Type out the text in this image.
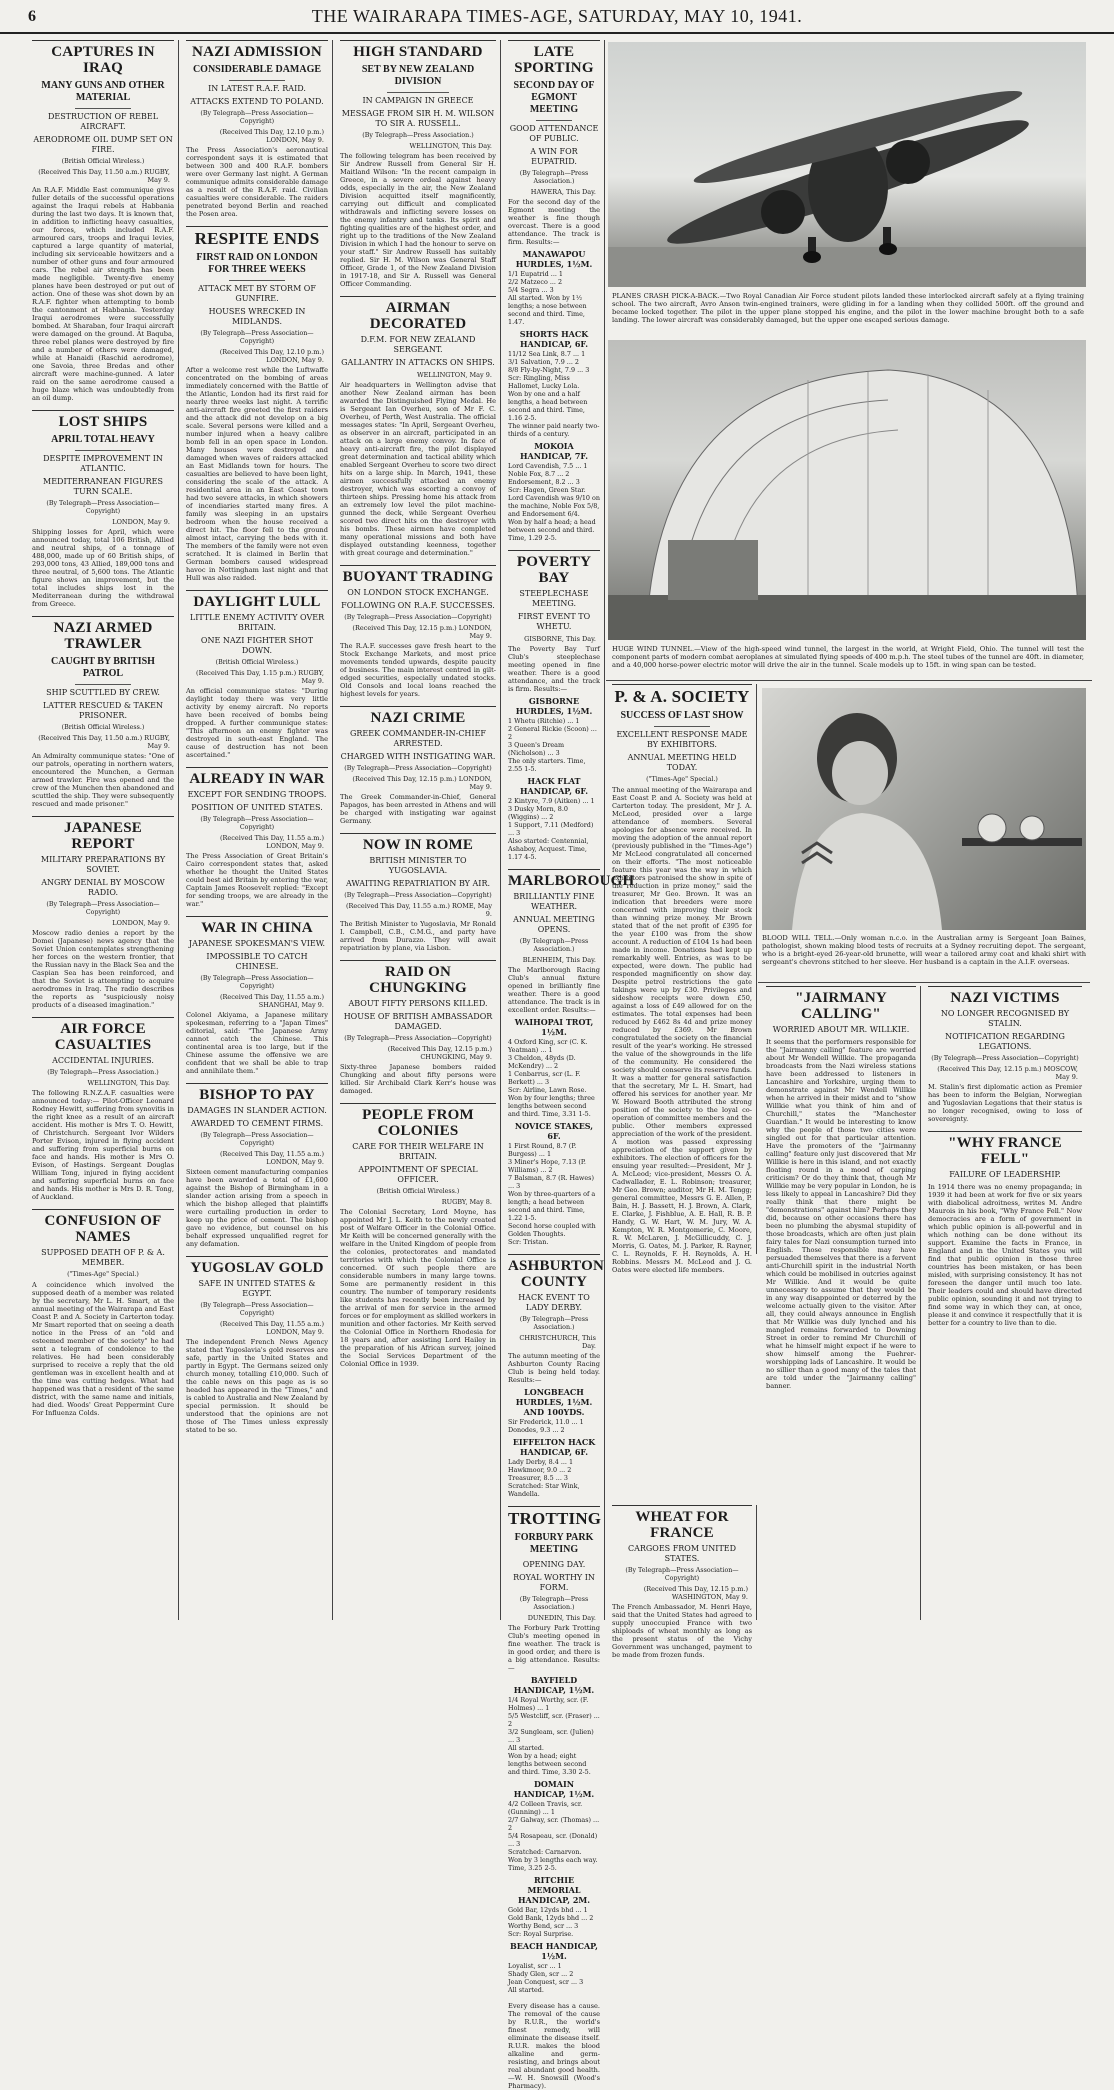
6	THE WAIRARAPA TIMES-AGE, SATURDAY, MAY 10, 1941.
CAPTURES IN IRAQ
MANY GUNS AND OTHER MATERIAL
DESTRUCTION OF REBEL AIRCRAFT.
AERODROME OIL DUMP SET ON FIRE.
(British Official Wireless.)
(Received This Day, 11.50 a.m.) RUGBY, May 9.

An R.A.F. Middle East communique gives fuller details of the successful operations against the Iraqui rebels at Habbania during the last two days. It is known that, in addition to inflicting heavy casualties, our forces, which included R.A.F. armoured cars, troops and Iraqui levies, captured a large quantity of material, including six serviceable howitzers and a number of other guns and four armoured cars. The rebel air strength has been made negligible. Twenty-five enemy planes have been destroyed or put out of action. One of these was shot down by an R.A.F. fighter when attempting to bomb the cantonment at Habbania. Yesterday Iraqui aerodromes were successfully bombed. At Sharaban, four Iraqui aircraft were damaged on the ground. At Baquba, three rebel planes were destroyed by fire and a number of others were damaged, while at Hanaidi (Raschid aerodrome), one Savoia, three Bredas and other aircraft were machine-gunned. A later raid on the same aerodrome caused a huge blaze which was undoubtedly from an oil dump.

LOST SHIPS
APRIL TOTAL HEAVY
DESPITE IMPROVEMENT IN ATLANTIC.
MEDITERRANEAN FIGURES TURN SCALE.
(By Telegraph—Press Association—Copyright)
LONDON, May 9.

Shipping losses for April, which were announced today, total 106 British, Allied and neutral ships, of a tonnage of 488,000, made up of 60 British ships, of 293,000 tons, 43 Allied, 189,000 tons and three neutral, of 5,600 tons. The Atlantic figure shows an improvement, but the total includes ships lost in the Mediterranean during the withdrawal from Greece.

NAZI ARMED TRAWLER
CAUGHT BY BRITISH PATROL
SHIP SCUTTLED BY CREW.
LATTER RESCUED & TAKEN PRISONER.
(British Official Wireless.)
(Received This Day, 11.50 a.m.) RUGBY, May 9.

An Admiralty communique states: "One of our patrols, operating in northern waters, encountered the Munchen, a German armed trawler. Fire was opened and the crew of the Munchen then abandoned and scuttled the ship. They were subsequently rescued and made prisoner."

JAPANESE REPORT
MILITARY PREPARATIONS BY SOVIET.
ANGRY DENIAL BY MOSCOW RADIO.
(By Telegraph—Press Association—Copyright)
LONDON, May 9.

Moscow radio denies a report by the Domei (Japanese) news agency that the Soviet Union contemplates strengthening her forces on the western frontier, that the Russian navy in the Black Sea and the Caspian Sea has been reinforced, and that the Soviet is attempting to acquire aerodromes in Iraq. The radio describes the reports as "suspiciously noisy products of a diseased imagination."

AIR FORCE CASUALTIES
ACCIDENTAL INJURIES.
(By Telegraph—Press Association.)
WELLINGTON, This Day.

The following R.N.Z.A.F. casualties were announced today:— Pilot-Officer Leonard Rodney Hewitt, suffering from synovitis in the right knee as a result of an aircraft accident. His mother is Mrs T. O. Hewitt, of Christchurch. Sergeant Ivor Wilders Porter Evison, injured in flying accident and suffering from superficial burns on face and hands. His mother is Mrs O. Evison, of Hastings. Sergeant Douglas William Tong, injured in flying accident and suffering superficial burns on face and hands. His mother is Mrs D. R. Tong, of Auckland.

CONFUSION OF NAMES
SUPPOSED DEATH OF P. & A. MEMBER.
("Times-Age" Special.)

A coincidence which involved the supposed death of a member was related by the secretary, Mr L. H. Smart, at the annual meeting of the Wairarapa and East Coast P. and A. Society in Carterton today. Mr Smart reported that on seeing a death notice in the Press of an "old and esteemed member of the society" he had sent a telegram of condolence to the relatives. He had been considerably surprised to receive a reply that the old gentleman was in excellent health and at the time was cutting hedges. What had happened was that a resident of the same district, with the same name and initials, had died. Woods' Great Peppermint Cure For Influenza Colds.

NAZI ADMISSION
CONSIDERABLE DAMAGE
IN LATEST R.A.F. RAID.
ATTACKS EXTEND TO POLAND.
(By Telegraph—Press Association—Copyright)
(Received This Day, 12.10 p.m.) LONDON, May 9.

The Press Association's aeronautical correspondent says it is estimated that between 300 and 400 R.A.F. bombers were over Germany last night. A German communique admits considerable damage as a result of the R.A.F. raid. Civilian casualties were considerable. The raiders penetrated beyond Berlin and reached the Posen area.

RESPITE ENDS
FIRST RAID ON LONDON FOR THREE WEEKS
ATTACK MET BY STORM OF GUNFIRE.
HOUSES WRECKED IN MIDLANDS.
(By Telegraph—Press Association—Copyright)
(Received This Day, 12.10 p.m.) LONDON, May 9.

After a welcome rest while the Luftwaffe concentrated on the bombing of areas immediately concerned with the Battle of the Atlantic, London had its first raid for nearly three weeks last night. A terrific anti-aircraft fire greeted the first raiders and the attack did not develop on a big scale. Several persons were killed and a number injured when a heavy calibre bomb fell in an open space in London. Many houses were destroyed and damaged when waves of raiders attacked an East Midlands town for hours. The casualties are believed to have been light, considering the scale of the attack. A residential area in an East Coast town had two severe attacks, in which showers of incendiaries started many fires. A family was sleeping in an upstairs bedroom when the house received a direct hit. The floor fell to the ground almost intact, carrying the beds with it. The members of the family were not even scratched. It is claimed in Berlin that German bombers caused widespread havoc in Nottingham last night and that Hull was also raided.

DAYLIGHT LULL
LITTLE ENEMY ACTIVITY OVER BRITAIN.
ONE NAZI FIGHTER SHOT DOWN.
(British Official Wireless.)
(Received This Day, 1.15 p.m.) RUGBY, May 9.

An official communique states: "During daylight today there was very little activity by enemy aircraft. No reports have been received of bombs being dropped. A further communique states: "This afternoon an enemy fighter was destroyed in south-east England. The cause of destruction has not been ascertained."

ALREADY IN WAR
EXCEPT FOR SENDING TROOPS.
POSITION OF UNITED STATES.
(By Telegraph—Press Association—Copyright)
(Received This Day, 11.55 a.m.) LONDON, May 9.

The Press Association of Great Britain's Cairo correspondent states that, asked whether he thought the United States could best aid Britain by entering the war, Captain James Roosevelt replied: "Except for sending troops, we are already in the war."

WAR IN CHINA
JAPANESE SPOKESMAN'S VIEW.
IMPOSSIBLE TO CATCH CHINESE.
(By Telegraph—Press Association—Copyright)
(Received This Day, 11.55 a.m.) SHANGHAI, May 9.

Colonel Akiyama, a Japanese military spokesman, referring to a "Japan Times" editorial, said: "The Japanese Army cannot catch the Chinese. This continental area is too large, but if the Chinese assume the offensive we are confident that we shall be able to trap and annihilate them."

BISHOP TO PAY
DAMAGES IN SLANDER ACTION.
AWARDED TO CEMENT FIRMS.
(By Telegraph—Press Association—Copyright)
(Received This Day, 11.55 a.m.) LONDON, May 9.

Sixteen cement manufacturing companies have been awarded a total of £1,600 against the Bishop of Birmingham in a slander action arising from a speech in which the bishop alleged that plaintiffs were curtailing production in order to keep up the price of cement. The bishop gave no evidence, but counsel on his behalf expressed unqualified regret for any defamation.

YUGOSLAV GOLD
SAFE IN UNITED STATES & EGYPT.
(By Telegraph—Press Association—Copyright)
(Received This Day, 11.55 a.m.) LONDON, May 9.

The independent French News Agency stated that Yugoslavia's gold reserves are safe, partly in the United States and partly in Egypt. The Germans seized only church money, totalling £10,000. Such of the cable news on this page as is so headed has appeared in the "Times," and is cabled to Australia and New Zealand by special permission. It should be understood that the opinions are not those of The Times unless expressly stated to be so.

HIGH STANDARD
SET BY NEW ZEALAND DIVISION
IN CAMPAIGN IN GREECE
MESSAGE FROM SIR H. M. WILSON TO SIR A. RUSSELL.
(By Telegraph—Press Association.)
WELLINGTON, This Day.

The following telegram has been received by Sir Andrew Russell from General Sir H. Maitland Wilson: "In the recent campaign in Greece, in a severe ordeal against heavy odds, especially in the air, the New Zealand Division acquitted itself magnificently, carrying out difficult and complicated withdrawals and inflicting severe losses on the enemy infantry and tanks. Its spirit and fighting qualities are of the highest order, and right up to the traditions of the New Zealand Division in which I had the honour to serve on your staff." Sir Andrew Russell has suitably replied. Sir H. M. Wilson was General Staff Officer, Grade 1, of the New Zealand Division in 1917-18, and Sir A. Russell was General Officer Commanding.

AIRMAN DECORATED
D.F.M. FOR NEW ZEALAND SERGEANT.
GALLANTRY IN ATTACKS ON SHIPS.
WELLINGTON, May 9.

Air headquarters in Wellington advise that another New Zealand airman has been awarded the Distinguished Flying Medal. He is Sergeant Ian Overheu, son of Mr F. C. Overheu, of Perth, West Australia. The official messages states: "In April, Sergeant Overheu, as observer in an aircraft, participated in an attack on a large enemy convoy. In face of heavy anti-aircraft fire, the pilot displayed great determination and tactical ability which enabled Sergeant Overheu to score two direct hits on a large ship. In March, 1941, these airmen successfully attacked an enemy destroyer, which was escorting a convoy of thirteen ships. Pressing home his attack from an extremely low level the pilot machine-gunned the deck, while Sergeant Overheu scored two direct hits on the destroyer with his bombs. These airmen have completed many operational missions and both have displayed outstanding keenness, together with great courage and determination."

BUOYANT TRADING
ON LONDON STOCK EXCHANGE.
FOLLOWING ON R.A.F. SUCCESSES.
(By Telegraph—Press Association—Copyright)
(Received This Day, 12.15 p.m.) LONDON, May 9.

The R.A.F. successes gave fresh heart to the Stock Exchange Markets, and most price movements tended upwards, despite paucity of business. The main interest centred in gilt-edged securities, especially undated stocks. Old Consols and local loans reached the highest levels for years.

NAZI CRIME
GREEK COMMANDER-IN-CHIEF ARRESTED.
CHARGED WITH INSTIGATING WAR.
(By Telegraph—Press Association—Copyright)
(Received This Day, 12.15 p.m.) LONDON, May 9.

The Greek Commander-in-Chief, General Papagos, has been arrested in Athens and will be charged with instigating war against Germany.

NOW IN ROME
BRITISH MINISTER TO YUGOSLAVIA.
AWAITING REPATRIATION BY AIR.
(By Telegraph—Press Association—Copyright)
(Received This Day, 11.55 a.m.) ROME, May 9.

The British Minister to Yugoslavia, Mr Ronald I. Campbell, C.B., C.M.G., and party have arrived from Durazzo. They will await repatriation by plane, via Lisbon.

RAID ON CHUNGKING
ABOUT FIFTY PERSONS KILLED.
HOUSE OF BRITISH AMBASSADOR DAMAGED.
(By Telegraph—Press Association—Copyright)
(Received This Day, 12.15 p.m.) CHUNGKING, May 9.

Sixty-three Japanese bombers raided Chungking and about fifty persons were killed. Sir Archibald Clark Kerr's house was damaged.

PEOPLE FROM COLONIES
CARE FOR THEIR WELFARE IN BRITAIN.
APPOINTMENT OF SPECIAL OFFICER.
(British Official Wireless.)
RUGBY, May 8.

The Colonial Secretary, Lord Moyne, has appointed Mr J. L. Keith to the newly created post of Welfare Officer in the Colonial Office. Mr Keith will be concerned generally with the welfare in the United Kingdom of people from the colonies, protectorates and mandated territories with which the Colonial Office is concerned. Of such people there are considerable numbers in many large towns. Some are permanently resident in this country. The number of temporary residents like students has recently been increased by the arrival of men for service in the armed forces or for employment as skilled workers in munition and other factories. Mr Keith served the Colonial Office in Northern Rhodesia for 18 years and, after assisting Lord Hailey in the preparation of his African survey, joined the Social Services Department of the Colonial Office in 1939.

LATE SPORTING
SECOND DAY OF EGMONT MEETING
GOOD ATTENDANCE OF PUBLIC.
A WIN FOR EUPATRID.
(By Telegraph—Press Association.)
HAWERA, This Day.

For the second day of the Egmont meeting the weather is fine though overcast. There is a good attendance. The track is firm. Results:—

MANAWAPOU HURDLES, 1½M.

1/1 Eupatrid ... 1

2/2 Matzeco ... 2

5/4 Segra ... 3

All started. Won by 1½ lengths; a nose between second and third. Time, 1.47.

SHORTS HACK HANDICAP, 6F.

11/12 Sea Link, 8.7 ... 1

3/1 Salvation, 7.9 ... 2

8/8 Fly-by-Night, 7.9 ... 3

Scr: Ringling, Miss Hallomet, Lucky Lola.

Won by one and a half lengths, a head between second and third. Time, 1.16 2-5.

The winner paid nearly two-thirds of a century.

MOKOIA HANDICAP, 7F.

Lord Cavendish, 7.5 ... 1

Noble Fox, 8.7 ... 2

Endorsement, 8.2 ... 3

Scr: Hagen, Green Star.

Lord Cavendish was 9/10 on the machine, Noble Fox 5/8, and Endorsement 6/4.

Won by half a head; a head between second and third. Time, 1.29 2-5.

POVERTY BAY
STEEPLECHASE MEETING.
FIRST EVENT TO WHETU.
GISBORNE, This Day.

The Poverty Bay Turf Club's steeplechase meeting opened in fine weather. There is a good attendance, and the track is firm. Results:—

GISBORNE HURDLES, 1½M.

1 Whetu (Ritchie) ... 1

2 General Rickie (Scoon) ... 2

3 Queen's Dream (Nicholson) ... 3

The only starters. Time, 2.55 1-5.

HACK FLAT HANDICAP, 6F.

2 Kintyre, 7.9 (Aitken) ... 1

3 Dusky Morn, 8.0 (Wiggins) ... 2

1 Support, 7.11 (Medford) ... 3

Also started: Centennial, Ashaboy, Acquest. Time, 1.17 4-5.

MARLBOROUGH
BRILLIANTLY FINE WEATHER.
ANNUAL MEETING OPENS.
(By Telegraph—Press Association.)
BLENHEIM, This Day.

The Marlborough Racing Club's annual fixture opened in brilliantly fine weather. There is a good attendance. The track is in excellent order. Results:—

WAIHOPAI TROT, 1½M.

4 Oxford King, scr (C. K. Yeatman) ... 1

3 Cheldon, 48yds (D. McKendry) ... 2

1 Cenbarrus, scr (L. F. Berkett) ... 3

Scr: Airline, Lawn Rose.

Won by four lengths; three lengths between second and third. Time, 3.31 1-5.

NOVICE STAKES, 6F.

1 First Round, 8.7 (P. Burgess) ... 1

3 Miner's Hope, 7.13 (P. Williams) ... 2

7 Balsman, 8.7 (R. Hawes) ... 3

Won by three-quarters of a length; a head between second and third. Time, 1.22 1-5.

Second horse coupled with Golden Thoughts.

Scr: Tristan.

ASHBURTON COUNTY
HACK EVENT TO LADY DERBY.
(By Telegraph—Press Association.)
CHRISTCHURCH, This Day.

The autumn meeting of the Ashburton County Racing Club is being held today. Results:—

LONGBEACH HURDLES, 1½M. AND 100YDS.

Sir Frederick, 11.0 ... 1

Donodes, 9.3 ... 2

EIFFELTON HACK HANDICAP, 6F.

Lady Derby, 8.4 ... 1

Hawkmoor, 9.0 ... 2

Treasurer, 8.5 ... 3

Scratched: Star Wink, Wandella.

TROTTING
FORBURY PARK MEETING
OPENING DAY.
ROYAL WORTHY IN FORM.
(By Telegraph—Press Association.)
DUNEDIN, This Day.

The Forbury Park Trotting Club's meeting opened in fine weather. The track is in good order, and there is a big attendance. Results:—

BAYFIELD HANDICAP, 1½M.

1/4 Royal Worthy, scr. (F. Holmes) ... 1

5/5 Westcliff, scr. (Fraser) ... 2

3/2 Sungleam, scr. (Julien) ... 3

All started.

Won by a head; eight lengths between second and third. Time, 3.30 2-5.

DOMAIN HANDICAP, 1½M.

4/2 Colleen Travis, scr. (Gunning) ... 1

2/7 Galway, scr. (Thomas) ... 2

5/4 Rosapeau, scr. (Donald) ... 3

Scratched: Carnarvon.

Won by 3 lengths each way. Time, 3.25 2-5.

RITCHIE MEMORIAL HANDICAP, 2M.

Gold Bar, 12yds bhd ... 1

Gold Bank, 12yds bhd ... 2

Worthy Bend, scr ... 3

Scr: Royal Surprise.

BEACH HANDICAP, 1½M.

Loyalist, scr ... 1

Shady Glen, scr ... 2

Jean Conquest, scr ... 3

All started.

Every disease has a cause. The removal of the cause by R.U.R., the world's finest remedy, will eliminate the disease itself. R.U.R. makes the blood alkaline and germ-resisting, and brings about real abundant good health.—W. H. Snowsill (Wood's Pharmacy).

PLANES CRASH PICK-A-BACK.—Two Royal Canadian Air Force student pilots landed these interlocked aircraft safely at a flying training school. The two aircraft, Avro Anson twin-engined trainers, were gliding in for a landing when they collided 500ft. off the ground and became locked together. The pilot in the upper plane stopped his engine, and the pilot in the lower machine brought both to a safe landing. The lower aircraft was considerably damaged, but the upper one escaped serious damage.
HUGE WIND TUNNEL.—View of the high-speed wind tunnel, the largest in the world, at Wright Field, Ohio. The tunnel will test the component parts of modern combat aeroplanes at simulated flying speeds of 400 m.p.h. The steel tubes of the tunnel are 40ft. in diameter, and a 40,000 horse-power electric motor will drive the air in the tunnel. Scale models up to 15ft. in wing span can be tested.
P. & A. SOCIETY
SUCCESS OF LAST SHOW
EXCELLENT RESPONSE MADE BY EXHIBITORS.
ANNUAL MEETING HELD TODAY.
("Times-Age" Special.)

The annual meeting of the Wairarapa and East Coast P. and A. Society was held at Carterton today. The president, Mr J. A. McLeod, presided over a large attendance of members. Several apologies for absence were received. In moving the adoption of the annual report (previously published in the "Times-Age") Mr McLeod congratulated all concerned on their efforts. "The most noticeable feature this year was the way in which exhibitors patronised the show in spite of the reduction in prize money," said the treasurer, Mr Geo. Brown. It was an indication that breeders were more concerned with improving their stock than winning prize money. Mr Brown stated that of the net profit of £395 for the year £100 was from the show account. A reduction of £104 1s had been made in income. Donations had kept up remarkably well. Entries, as was to be expected, were down. The public had responded magnificently on show day. Despite petrol restrictions the gate takings were up by £30. Privileges and sideshow receipts were down £50, against a loss of £49 allowed for on the estimates. The total expenses had been reduced by £462 8s 4d and prize money reduced by £369. Mr Brown congratulated the society on the financial result of the year's working. He stressed the value of the showgrounds in the life of the community. He considered the society should conserve its reserve funds. It was a matter for general satisfaction that the secretary, Mr L. H. Smart, had offered his services for another year. Mr W. Howard Booth attributed the strong position of the society to the loyal co-operation of committee members and the public. Other members expressed appreciation of the work of the president. A motion was passed expressing appreciation of the support given by exhibitors. The election of officers for the ensuing year resulted:—President, Mr J. A. McLeod; vice-president, Messrs O. A. Cadwallader, E. L. Robinson; treasurer, Mr Geo. Brown; auditor, Mr H. M. Tengg; general committee, Messrs G. E. Allen, P. Bain, H. J. Bassett, H. J. Brown, A. Clark, E. Clarke, J. Fishblue, A. E. Hall, R. B. P. Handy, G. W. Hart, W. M. Jury, W. A. Kempton, W. R. Montgomerie, C. Moore, R. W. McLaren, J. McGillicuddy, C. J. Morris, G. Oates, M. J. Parker, R. Rayner, C. L. Reynolds, F. H. Reynolds, A. H. Robbins. Messrs M. McLeod and J. G. Oates were elected life members.

WHEAT FOR FRANCE
CARGOES FROM UNITED STATES.
(By Telegraph—Press Association—Copyright)
(Received This Day, 12.15 p.m.) WASHINGTON, May 9.

The French Ambassador, M. Henri Haye, said that the United States had agreed to supply unoccupied France with two shiploads of wheat monthly as long as the present status of the Vichy Government was unchanged, payment to be made from frozen funds.

BLOOD WILL TELL.—Only woman n.c.o. in the Australian army is Sergeant Joan Baines, pathologist, shown making blood tests of recruits at a Sydney recruiting depot. The sergeant, who is a bright-eyed 26-year-old brunette, will wear a tailored army coat and khaki shirt with sergeant's chevrons stitched to her sleeve. Her husband is a captain in the A.I.F. overseas.
"JAIRMANY CALLING"
WORRIED ABOUT MR. WILLKIE.

It seems that the performers responsible for the "Jairmanny calling" feature are worried about Mr Wendell Willkie. The propaganda broadcasts from the Nazi wireless stations have been addressed to listeners in Lancashire and Yorkshire, urging them to demonstrate against Mr Wendell Willkie when he arrived in their midst and to "show Willkie what you think of him and of Churchill," states the "Manchester Guardian." It would be interesting to know why the people of those two cities were singled out for that particular attention. Have the promoters of the "Jairmanny calling" feature only just discovered that Mr Willkie is here in this island, and not exactly floating round in a mood of carping criticism? Or do they think that, though Mr Willkie may be very popular in London, he is less likely to appeal in Lancashire? Did they really think that there might be "demonstrations" against him? Perhaps they did, because on other occasions there has been no plumbing the abysmal stupidity of those broadcasts, which are often just plain fairy tales for Nazi consumption turned into English. Those responsible may have persuaded themselves that there is a fervent anti-Churchill spirit in the industrial North which could be mobilised in outcries against Mr Willkie. And it would be quite unnecessary to assume that they would be in any way disappointed or deterred by the welcome actually given to the visitor. After all, they could always announce in English that Mr Willkie was duly lynched and his mangled remains forwarded to Downing Street in order to remind Mr Churchill of what he himself might expect if he were to show himself among the Fuehrer-worshipping lads of Lancashire. It would be no sillier than a good many of the tales that are told under the "Jairmanny calling" banner.

NAZI VICTIMS
NO LONGER RECOGNISED BY STALIN.
NOTIFICATION REGARDING LEGATIONS.
(By Telegraph—Press Association—Copyright)
(Received This Day, 12.15 p.m.) MOSCOW, May 9.

M. Stalin's first diplomatic action as Premier has been to inform the Belgian, Norwegian and Yugoslavian Legations that their status is no longer recognised, owing to loss of sovereignty.

"WHY FRANCE FELL"
FAILURE OF LEADERSHIP.

In 1914 there was no enemy propaganda; in 1939 it had been at work for five or six years with diabolical adroitness, writes M. Andre Maurois in his book, "Why France Fell." Now democracies are a form of government in which public opinion is all-powerful and in which nothing can be done without its support. Examine the facts in France, in England and in the United States you will find that public opinion in those three countries has been mistaken, or has been misled, with surprising consistency. It has not foreseen the danger until much too late. Their leaders could and should have directed public opinion, sounding it and not trying to find some way in which they can, at once, please it and convince it respectfully that it is better for a country to live than to die.
